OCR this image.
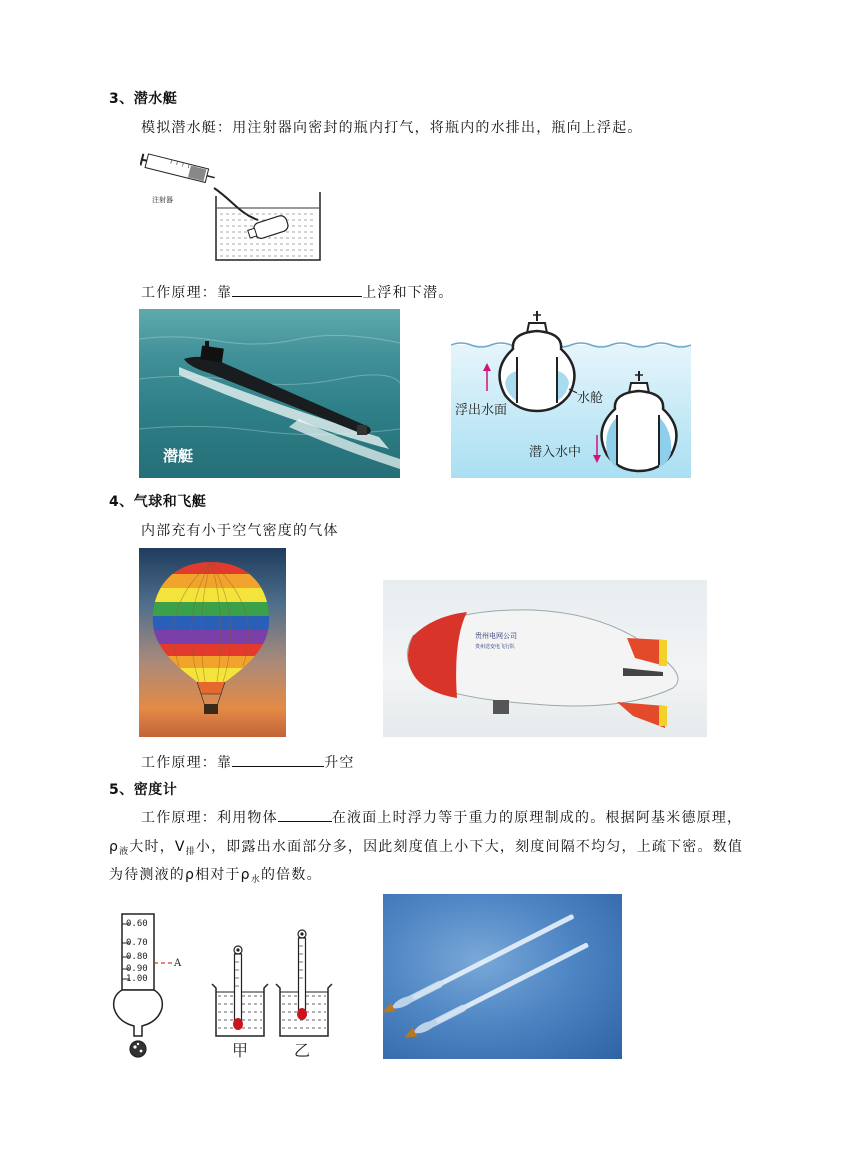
3、潜水艇
模拟潜水艇：用注射器向密封的瓶内打气，将瓶内的水排出，瓶向上浮起。
注射器
工作原理：靠	上浮和下潜。
潜艇
浮出水面
水舱
潜入水中
4、气球和飞艇
内部充有小于空气密度的气体
贵州电网公司
贵州送变电飞行队
工作原理：靠	升空
5、密度计
工作原理：利用物体	在液面上时浮力等于重力的原理制成的。根据阿基米德原理，
$\rho_液$大时，$V_排$小，即露出水面部分多，因此刻度值上小下大，刻度间隔不均匀，上疏下密。数值
为待测液的ρ相对于$\rho_水$的倍数。
0.60
0.70
0.80
0.90
1.00
A
甲	乙
